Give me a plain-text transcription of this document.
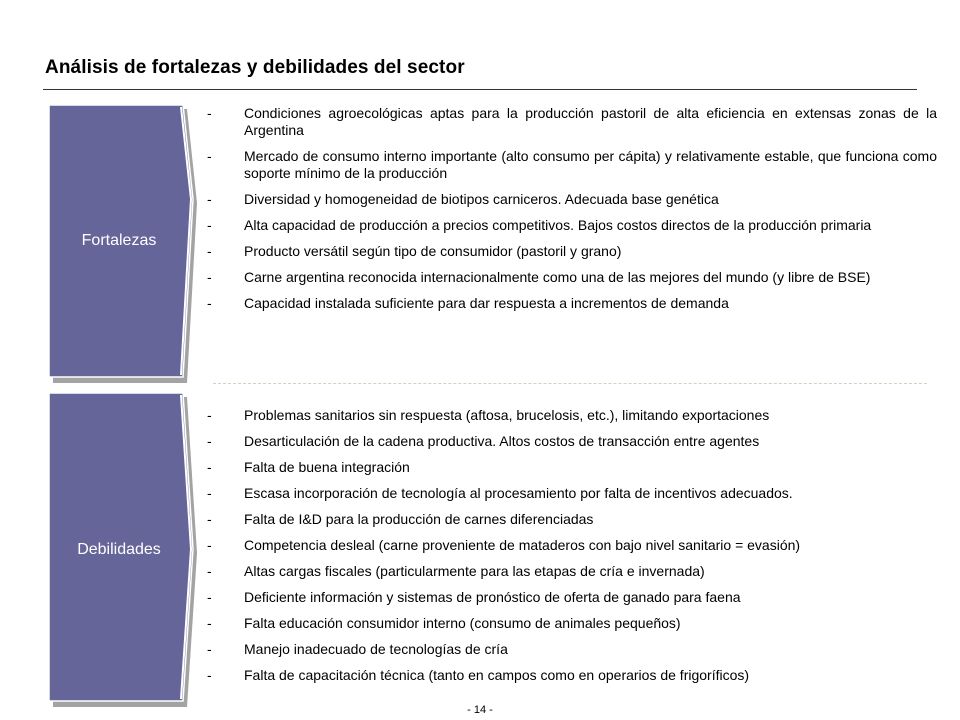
Análisis de fortalezas y debilidades del sector
Fortalezas
- Condiciones agroecológicas aptas para la producción pastoril de alta eficiencia en extensas zonas de la Argentina
- Mercado de consumo interno importante (alto consumo per cápita) y relativamente estable, que funciona como soporte mínimo de la producción
- Diversidad y homogeneidad de biotipos carniceros. Adecuada base genética
- Alta capacidad de producción a precios competitivos. Bajos costos directos de la producción primaria
- Producto versátil según tipo de consumidor (pastoril y grano)
- Carne argentina reconocida internacionalmente como una de las mejores del mundo (y libre de BSE)
- Capacidad instalada suficiente para dar respuesta a incrementos de demanda
Debilidades
- Problemas sanitarios sin respuesta (aftosa, brucelosis, etc.), limitando exportaciones
- Desarticulación de la cadena productiva. Altos costos de transacción entre agentes
- Falta de buena integración
- Escasa incorporación de tecnología al procesamiento por falta de incentivos adecuados.
- Falta de I&D para la producción de carnes diferenciadas
- Competencia desleal (carne proveniente de mataderos con bajo nivel sanitario = evasión)
- Altas cargas fiscales (particularmente para las etapas de cría e invernada)
- Deficiente información y sistemas de pronóstico de oferta de ganado para faena
- Falta educación consumidor interno (consumo de animales pequeños)
- Manejo inadecuado de tecnologías de cría
- Falta de capacitación técnica (tanto en campos como en operarios de frigoríficos)
- 14 -
